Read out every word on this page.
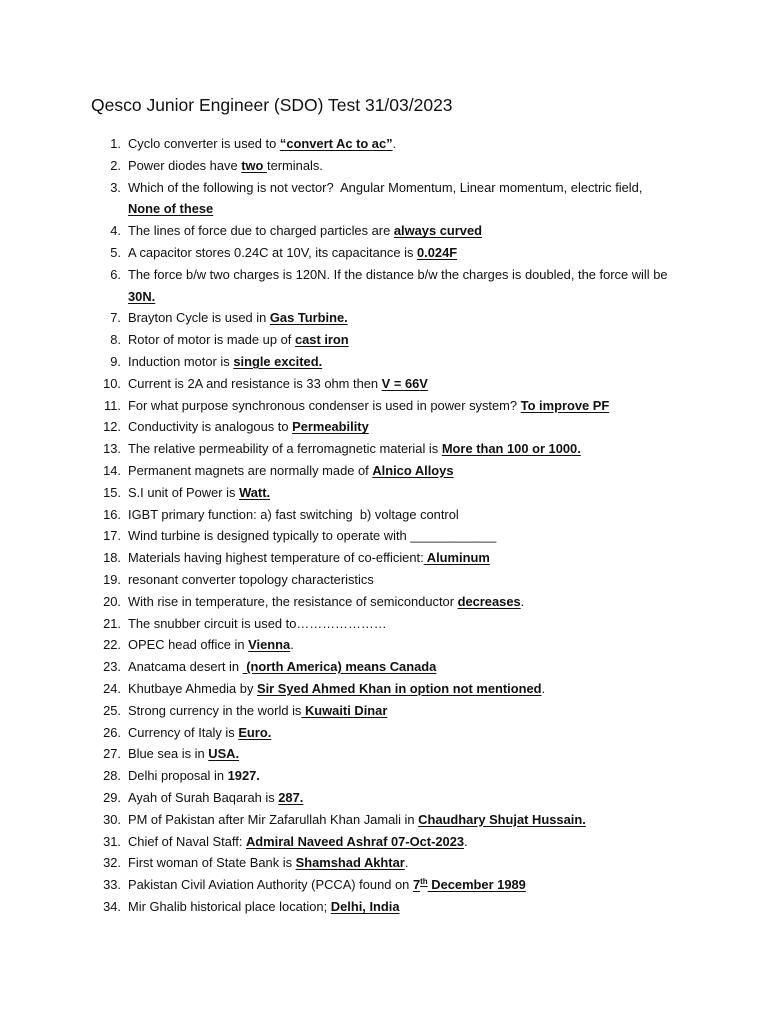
Qesco Junior Engineer (SDO) Test 31/03/2023
1. Cyclo converter is used to “convert Ac to ac”.
2. Power diodes have two terminals.
3. Which of the following is not vector?  Angular Momentum, Linear momentum, electric field, None of these
4. The lines of force due to charged particles are always curved
5. A capacitor stores 0.24C at 10V, its capacitance is 0.024F
6. The force b/w two charges is 120N. If the distance b/w the charges is doubled, the force will be 30N.
7. Brayton Cycle is used in Gas Turbine.
8. Rotor of motor is made up of cast iron
9. Induction motor is single excited.
10. Current is 2A and resistance is 33 ohm then V = 66V
11. For what purpose synchronous condenser is used in power system? To improve PF
12. Conductivity is analogous to Permeability
13. The relative permeability of a ferromagnetic material is More than 100 or 1000.
14. Permanent magnets are normally made of Alnico Alloys
15. S.I unit of Power is Watt.
16. IGBT primary function: a) fast switching  b) voltage control
17. Wind turbine is designed typically to operate with ____________
18. Materials having highest temperature of co-efficient: Aluminum
19. resonant converter topology characteristics
20. With rise in temperature, the resistance of semiconductor decreases.
21. The snubber circuit is used to…………………
22. OPEC head office in Vienna.
23. Anatcama desert in  (north America) means Canada
24. Khutbaye Ahmedia by Sir Syed Ahmed Khan in option not mentioned.
25. Strong currency in the world is Kuwaiti Dinar
26. Currency of Italy is Euro.
27. Blue sea is in USA.
28. Delhi proposal in 1927.
29. Ayah of Surah Baqarah is 287.
30. PM of Pakistan after Mir Zafarullah Khan Jamali in Chaudhary Shujat Hussain.
31. Chief of Naval Staff: Admiral Naveed Ashraf 07-Oct-2023.
32. First woman of State Bank is Shamshad Akhtar.
33. Pakistan Civil Aviation Authority (PCCA) found on 7th December 1989
34. Mir Ghalib historical place location; Delhi, India
